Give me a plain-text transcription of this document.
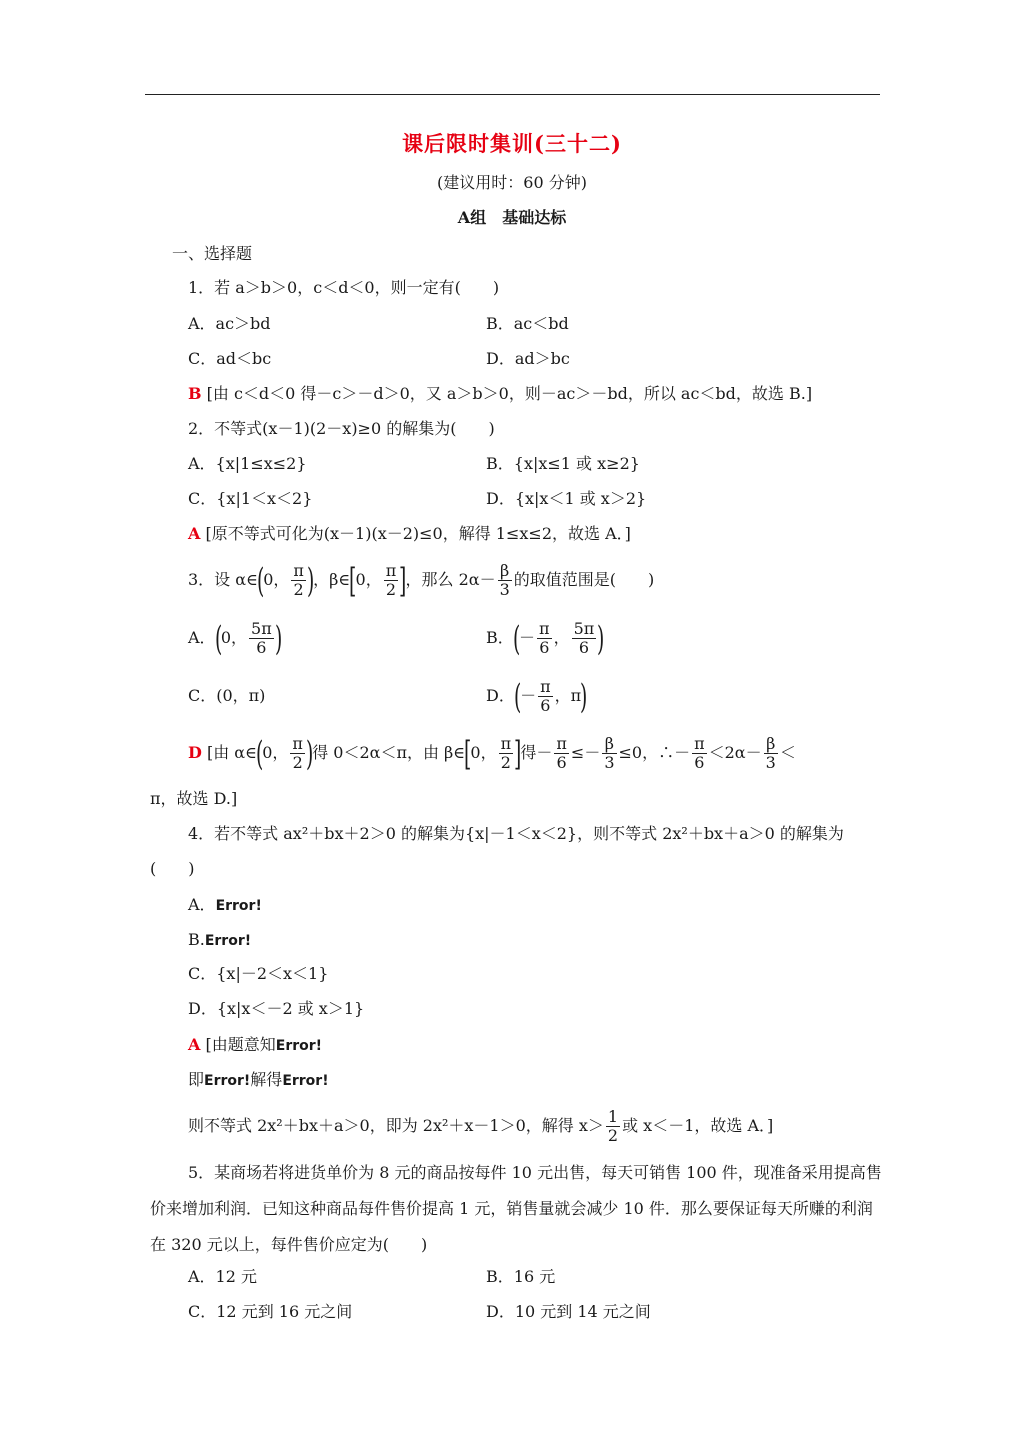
课后限时集训(三十二)
(建议用时：60 分钟)
A组　基础达标
一、选择题
1．若 a＞b＞0，c＜d＜0，则一定有(　　)
A．ac＞bd	B．ac＜bd
C．ad＜bc	D．ad＞bc
B [由 c＜d＜0 得－c＞－d＞0，又 a＞b＞0，则－ac＞－bd，所以 ac＜bd，故选 B.]
2．不等式(x－1)(2－x)≥0 的解集为(　　)
A．{x|1≤x≤2}	B．{x|x≤1 或 x≥2}
C．{x|1＜x＜2}	D．{x|x＜1 或 x＞2}
A [原不等式可化为(x－1)(x－2)≤0，解得 1≤x≤2，故选 A．]
3．设 α∈(0， $\frac{\pi}{2}$ )，β∈[0， $\frac{\pi}{2}$ ]，那么 $2\alpha- \frac{\beta}{3}$ 的取值范围是(　　)
A．(0， $\frac{5\pi}{6}$ )	B．(－ $\frac{\pi}{6}$ ， $\frac{5\pi}{6}$ )
C．(0，π)	D．(－ $\frac{\pi}{6}$ ，π)
D [由 α∈(0， $\frac{\pi}{2}$ )得 0＜2α＜π，由 β∈[0， $\frac{\pi}{2}$ ]得－ $\frac{\pi}{6} \le- \frac{\beta}{3} \le 0$，∴－ $\frac{\pi}{6} <2\alpha- \frac{\beta}{3}$ ＜
π，故选 D.]
4．若不等式 ax²＋bx＋2＞0 的解集为{x|－1＜x＜2}，则不等式 2x²＋bx＋a＞0 的解集为
(　　)
A．Error!
B.Error!
C．{x|－2＜x＜1}
D．{x|x＜－2 或 x＞1}
A [由题意知Error!
即Error!解得Error!
则不等式 2x²＋bx＋a＞0，即为 2x²＋x－1＞0，解得 $x> \frac{1}{2}$ 或 x＜－1，故选 A．]
5．某商场若将进货单价为 8 元的商品按每件 10 元出售，每天可销售 100 件，现准备采用提高售价来增加利润．已知这种商品每件售价提高 1 元，销售量就会减少 10 件．那么要保证每天所赚的利润在 320 元以上，每件售价应定为(　　)
A．12 元	B．16 元
C．12 元到 16 元之间	D．10 元到 14 元之间
